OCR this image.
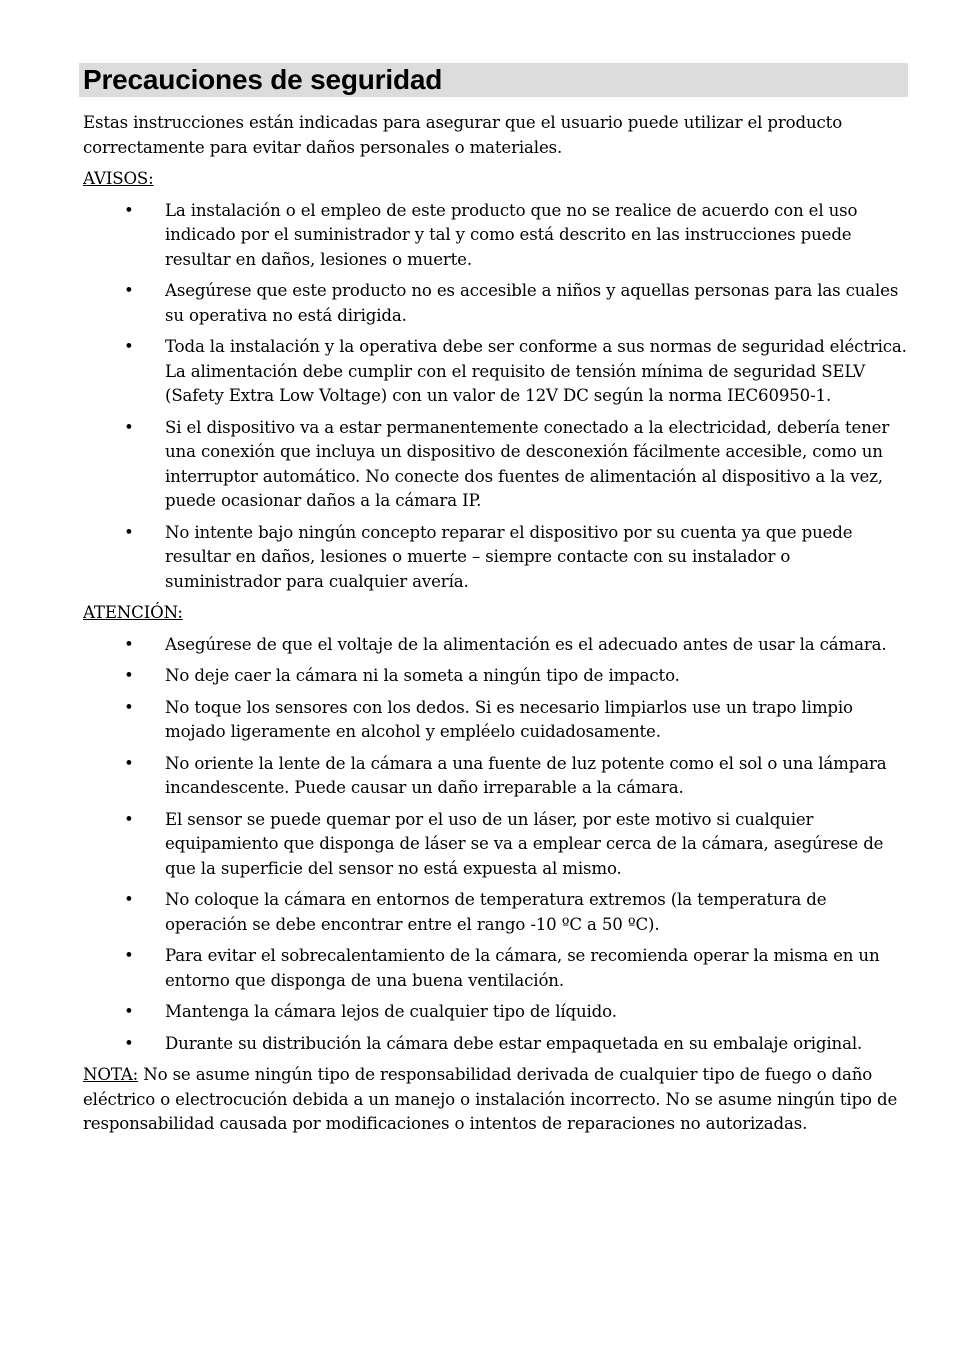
Precauciones de seguridad

Estas instrucciones están indicadas para asegurar que el usuario puede utilizar el producto correctamente para evitar daños personales o materiales.

AVISOS:

• La instalación o el empleo de este producto que no se realice de acuerdo con el uso indicado por el suministrador y tal y como está descrito en las instrucciones puede resultar en daños, lesiones o muerte.
• Asegúrese que este producto no es accesible a niños y aquellas personas para las cuales su operativa no está dirigida.
• Toda la instalación y la operativa debe ser conforme a sus normas de seguridad eléctrica. La alimentación debe cumplir con el requisito de tensión mínima de seguridad SELV (Safety Extra Low Voltage) con un valor de 12V DC según la norma IEC60950-1.
• Si el dispositivo va a estar permanentemente conectado a la electricidad, debería tener una conexión que incluya un dispositivo de desconexión fácilmente accesible, como un interruptor automático. No conecte dos fuentes de alimentación al dispositivo a la vez, puede ocasionar daños a la cámara IP.
• No intente bajo ningún concepto reparar el dispositivo por su cuenta ya que puede resultar en daños, lesiones o muerte – siempre contacte con su instalador o suministrador para cualquier avería.

ATENCIÓN:

• Asegúrese de que el voltaje de la alimentación es el adecuado antes de usar la cámara.
• No deje caer la cámara ni la someta a ningún tipo de impacto.
• No toque los sensores con los dedos. Si es necesario limpiarlos use un trapo limpio mojado ligeramente en alcohol y empléelo cuidadosamente.
• No oriente la lente de la cámara a una fuente de luz potente como el sol o una lámpara incandescente. Puede causar un daño irreparable a la cámara.
• El sensor se puede quemar por el uso de un láser, por este motivo si cualquier equipamiento que disponga de láser se va a emplear cerca de la cámara, asegúrese de que la superficie del sensor no está expuesta al mismo.
• No coloque la cámara en entornos de temperatura extremos (la temperatura de operación se debe encontrar entre el rango -10 ºC a 50 ºC).
• Para evitar el sobrecalentamiento de la cámara, se recomienda operar la misma en un entorno que disponga de una buena ventilación.
• Mantenga la cámara lejos de cualquier tipo de líquido.
• Durante su distribución la cámara debe estar empaquetada en su embalaje original.

NOTA: No se asume ningún tipo de responsabilidad derivada de cualquier tipo de fuego o daño eléctrico o electrocución debida a un manejo o instalación incorrecto. No se asume ningún tipo de responsabilidad causada por modificaciones o intentos de reparaciones no autorizadas.
